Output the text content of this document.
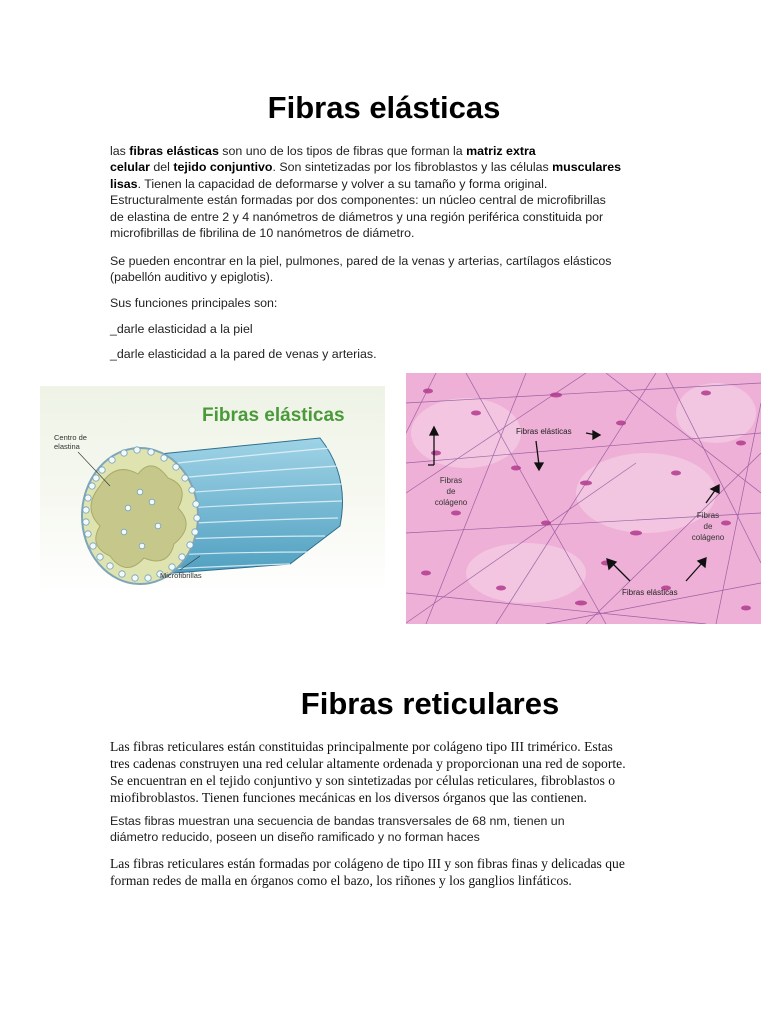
Fibras elásticas

las fibras elásticas son uno de los tipos de fibras que forman la matriz extra
celular del tejido conjuntivo. Son sintetizadas por los fibroblastos y las células musculares
lisas. Tienen la capacidad de deformarse y volver a su tamaño y forma original.
Estructuralmente están formadas por dos componentes: un núcleo central de microfibrillas
de elastina de entre 2 y 4 nanómetros de diámetros y una región periférica constituida por
microfibrillas de fibrilina de 10 nanómetros de diámetro.

Se pueden encontrar en la piel, pulmones, pared de la venas y arterias, cartílagos elásticos
(pabellón auditivo y epiglotis).

Sus funciones principales son:

_darle elasticidad a la piel

_darle elasticidad a la pared de venas y arterias.

Fibras elásticas
Centro de
elastina
Microfibrillas
Fibras elásticas
Fibras
de
colágeno
Fibras
de
colágeno
Fibras elásticas
Fibras reticulares

Las fibras reticulares están constituidas principalmente por colágeno tipo III trimérico. Estas
tres cadenas construyen una red celular altamente ordenada y proporcionan una red de soporte.
Se encuentran en el tejido conjuntivo y son sintetizadas por células reticulares, fibroblastos o
miofibroblastos. Tienen funciones mecánicas en los diversos órganos que las contienen.

Estas fibras muestran una secuencia de bandas transversales de 68 nm, tienen un
diámetro reducido, poseen un diseño ramificado y no forman haces

Las fibras reticulares están formadas por colágeno de tipo III y son fibras finas y delicadas que
forman redes de malla en órganos como el bazo, los riñones y los ganglios linfáticos.
